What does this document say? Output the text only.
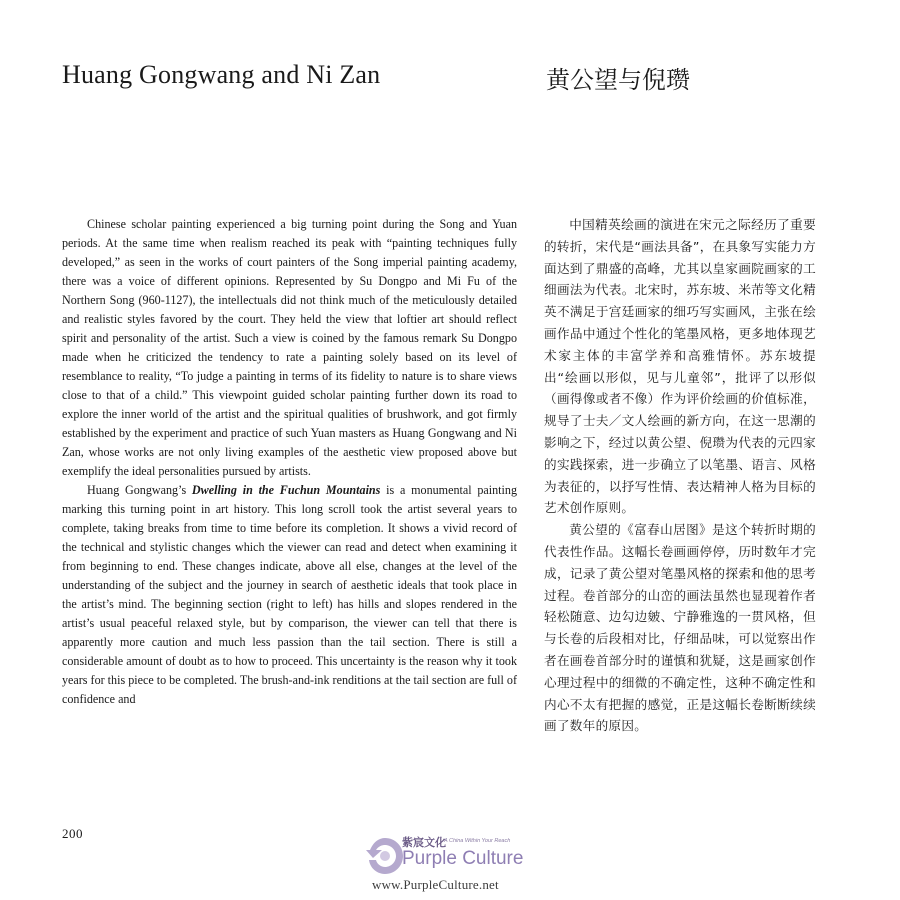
Huang Gongwang and Ni Zan	黄公望与倪瓒

Chinese scholar painting experienced a big turning point during the Song and Yuan periods. At the same time when realism reached its peak with “painting techniques fully developed,” as seen in the works of court painters of the Song imperial painting academy, there was a voice of different opinions. Represented by Su Dongpo and Mi Fu of the Northern Song (960-1127), the intellectuals did not think much of the meticulously detailed and realistic styles favored by the court. They held the view that loftier art should reflect spirit and personality of the artist. Such a view is coined by the famous remark Su Dongpo made when he criticized the tendency to rate a painting solely based on its level of resemblance to reality, “To judge a painting in terms of its fidelity to nature is to share views close to that of a child.” This viewpoint guided scholar painting further down its road to explore the inner world of the artist and the spiritual qualities of brushwork, and got firmly established by the experiment and practice of such Yuan masters as Huang Gongwang and Ni Zan, whose works are not only living examples of the aesthetic view proposed above but exemplify the ideal personalities pursued by artists.

Huang Gongwang’s Dwelling in the Fuchun Mountains is a monumental painting marking this turning point in art history. This long scroll took the artist several years to complete, taking breaks from time to time before its completion. It shows a vivid record of the technical and stylistic changes which the viewer can read and detect when examining it from beginning to end. These changes indicate, above all else, changes at the level of the understanding of the subject and the journey in search of aesthetic ideals that took place in the artist’s mind. The beginning section (right to left) has hills and slopes rendered in the artist’s usual peaceful relaxed style, but by comparison, the viewer can tell that there is apparently more caution and much less passion than the tail section. There is still a considerable amount of doubt as to how to proceed. This uncertainty is the reason why it took years for this piece to be completed. The brush-and-ink renditions at the tail section are full of confidence and

中国精英绘画的演进在宋元之际经历了重要的转折，宋代是“画法具备”，在具象写实能力方面达到了鼎盛的高峰，尤其以皇家画院画家的工细画法为代表。北宋时，苏东坡、米芾等文化精英不满足于宫廷画家的细巧写实画风，主张在绘画作品中通过个性化的笔墨风格，更多地体现艺术家主体的丰富学养和高雅情怀。苏东坡提出“绘画以形似，见与儿童邻”，批评了以形似（画得像或者不像）作为评价绘画的价值标准，规导了士夫／文人绘画的新方向，在这一思潮的影响之下，经过以黄公望、倪瓒为代表的元四家的实践探索，进一步确立了以笔墨、语言、风格为表征的，以抒写性情、表达精神人格为目标的艺术创作原则。

黄公望的《富春山居图》是这个转折时期的代表性作品。这幅长卷画画停停，历时数年才完成，记录了黄公望对笔墨风格的探索和他的思考过程。卷首部分的山峦的画法虽然也显现着作者轻松随意、边勾边皴、宁静雅逸的一贯风格，但与长卷的后段相对比，仔细品味，可以觉察出作者在画卷首部分时的谨慎和犹疑，这是画家创作心理过程中的细微的不确定性，这种不确定性和内心不太有把握的感觉，正是这幅长卷断断续续画了数年的原因。

200
紫宸文化
A China Within Your Reach
Purple Culture
www.PurpleCulture.net
